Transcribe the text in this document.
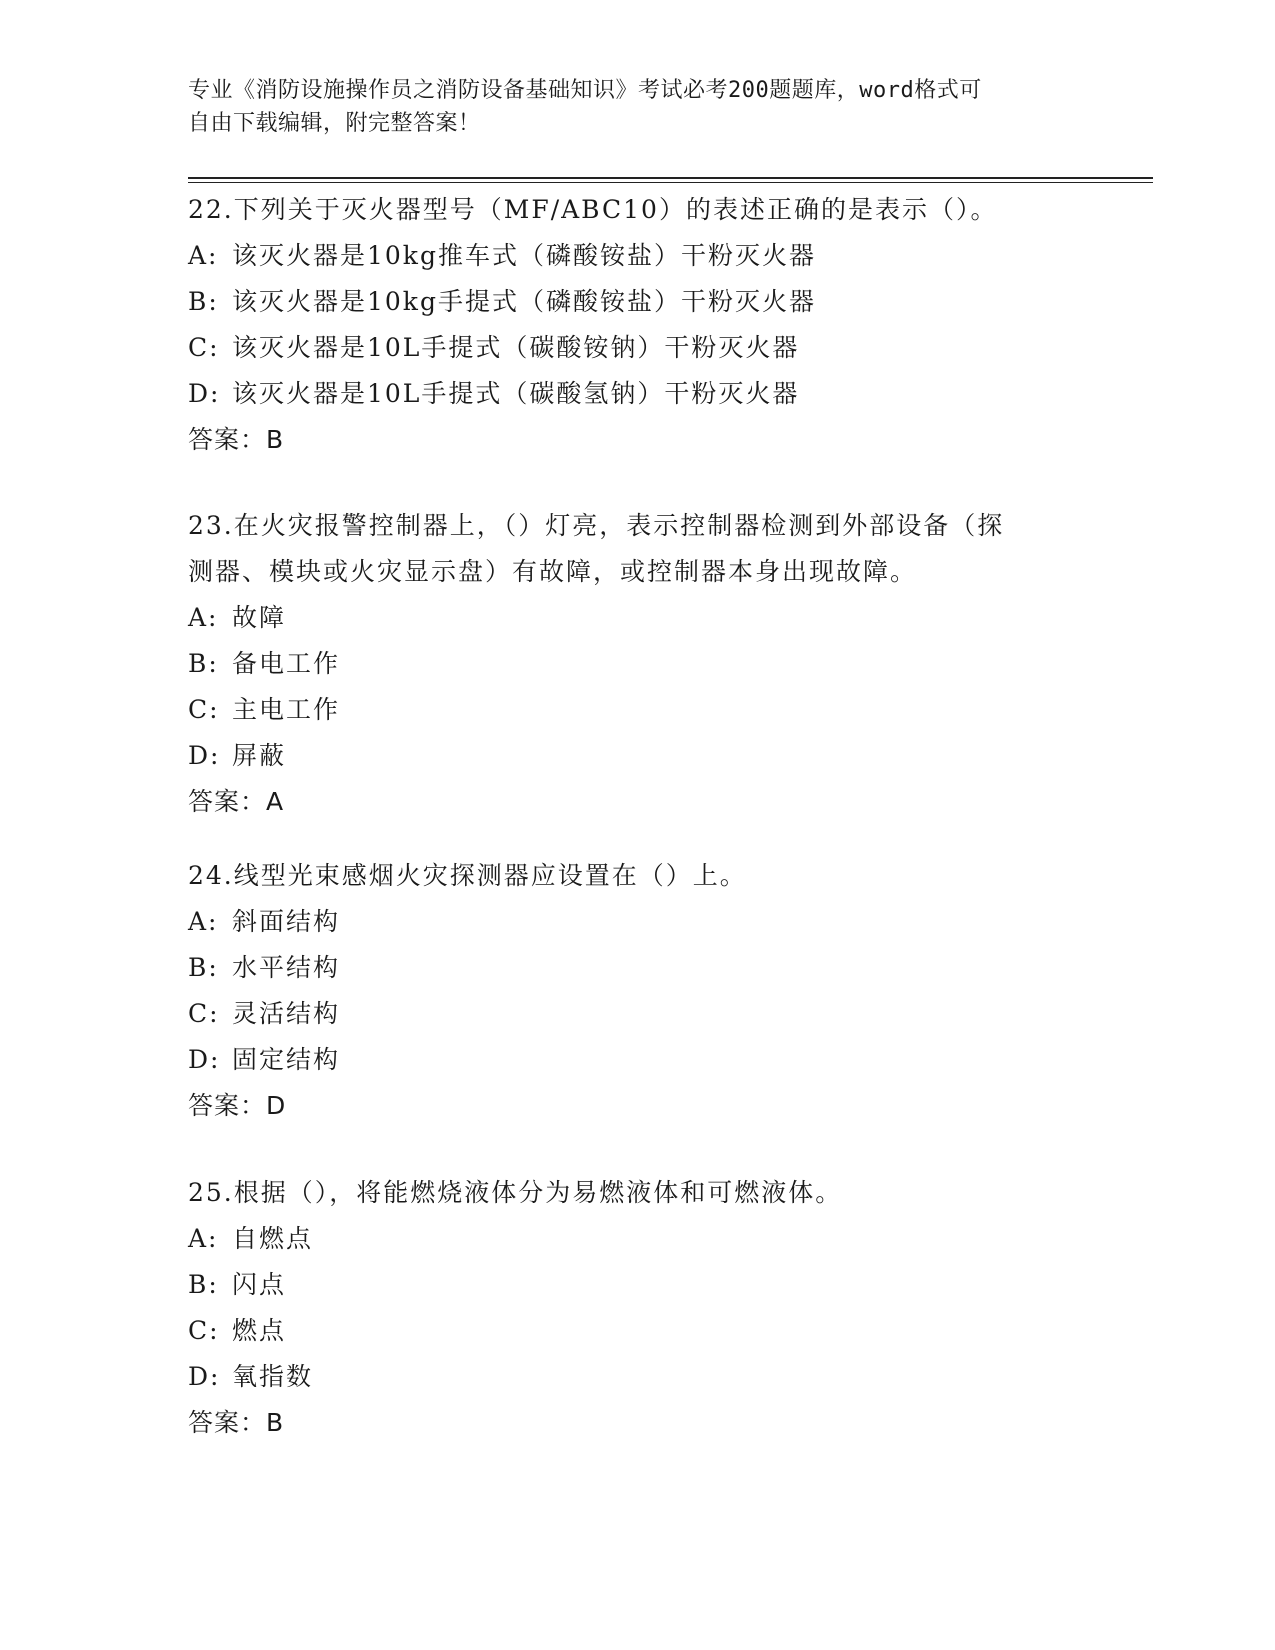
专业《消防设施操作员之消防设备基础知识》考试必考200题题库，word格式可
自由下载编辑，附完整答案！

22.下列关于灭火器型号（MF/ABC10）的表述正确的是表示（）。

A: 该灭火器是10kg推车式（磷酸铵盐）干粉灭火器
B: 该灭火器是10kg手提式（磷酸铵盐）干粉灭火器
C: 该灭火器是10L手提式（碳酸铵钠）干粉灭火器
D: 该灭火器是10L手提式（碳酸氢钠）干粉灭火器

答案：B

23.在火灾报警控制器上，（）灯亮，表示控制器检测到外部设备（探

测器、模块或火灾显示盘）有故障，或控制器本身出现故障。

A: 故障
B: 备电工作
C: 主电工作
D: 屏蔽

答案：A

24.线型光束感烟火灾探测器应设置在（）上。

A: 斜面结构
B: 水平结构
C: 灵活结构
D: 固定结构

答案：D

25.根据（），将能燃烧液体分为易燃液体和可燃液体。

A: 自燃点
B: 闪点
C: 燃点
D: 氧指数

答案：B
